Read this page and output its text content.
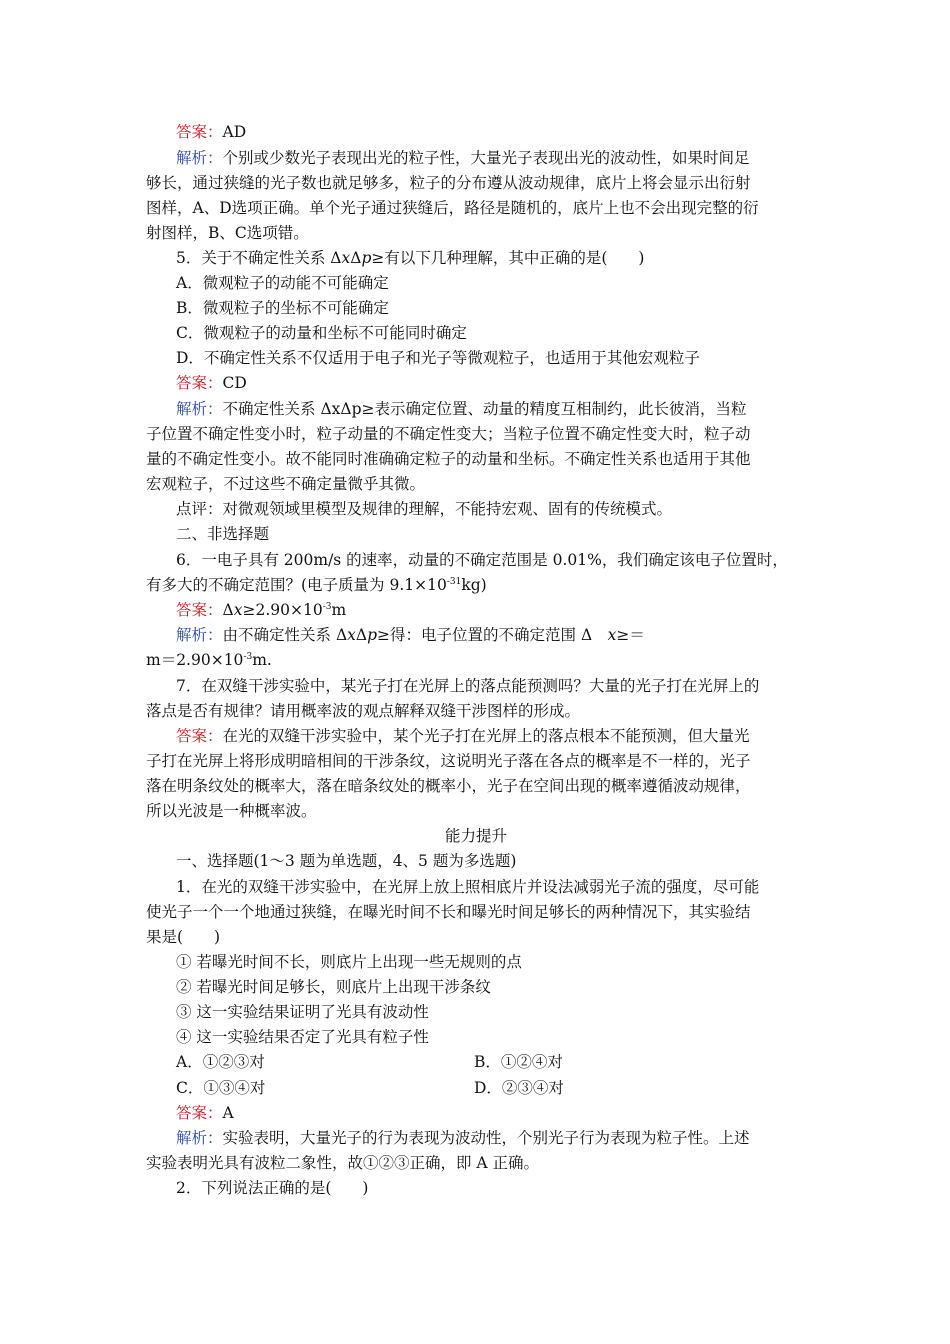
答案：AD
解析：个别或少数光子表现出光的粒子性，大量光子表现出光的波动性，如果时间足
够长，通过狭缝的光子数也就足够多，粒子的分布遵从波动规律，底片上将会显示出衍射
图样，A、D选项正确。单个光子通过狭缝后，路径是随机的，底片上也不会出现完整的衍
射图样，B、C选项错。
5．关于不确定性关系 ΔxΔp≥有以下几种理解，其中正确的是(　　)
A．微观粒子的动能不可能确定
B．微观粒子的坐标不可能确定
C．微观粒子的动量和坐标不可能同时确定
D．不确定性关系不仅适用于电子和光子等微观粒子，也适用于其他宏观粒子
答案：CD
解析：不确定性关系 ΔxΔp≥表示确定位置、动量的精度互相制约，此长彼消，当粒
子位置不确定性变小时，粒子动量的不确定性变大；当粒子位置不确定性变大时，粒子动
量的不确定性变小。故不能同时准确确定粒子的动量和坐标。不确定性关系也适用于其他
宏观粒子，不过这些不确定量微乎其微。
点评：对微观领域里模型及规律的理解，不能持宏观、固有的传统模式。
二、非选择题
6．一电子具有 200m/s 的速率，动量的不确定范围是 0.01%，我们确定该电子位置时，
有多大的不确定范围？(电子质量为 $9.1\times 10^{-31}kg$)
答案：$\Delta x\ge 2.90\times 10^{-3}m$
解析：由不确定性关系 ΔxΔp≥得：电子位置的不确定范围 Δ　x≥＝
$m=2.90\times 10^{-3}m$.
7．在双缝干涉实验中，某光子打在光屏上的落点能预测吗？大量的光子打在光屏上的
落点是否有规律？请用概率波的观点解释双缝干涉图样的形成。
答案：在光的双缝干涉实验中，某个光子打在光屏上的落点根本不能预测，但大量光
子打在光屏上将形成明暗相间的干涉条纹，这说明光子落在各点的概率是不一样的，光子
落在明条纹处的概率大，落在暗条纹处的概率小，光子在空间出现的概率遵循波动规律，
所以光波是一种概率波。
能力提升
一、选择题(1～3 题为单选题，4、5 题为多选题)
1．在光的双缝干涉实验中，在光屏上放上照相底片并设法减弱光子流的强度，尽可能
使光子一个一个地通过狭缝，在曝光时间不长和曝光时间足够长的两种情况下，其实验结
果是(　　)
① 若曝光时间不长，则底片上出现一些无规则的点
② 若曝光时间足够长，则底片上出现干涉条纹
③ 这一实验结果证明了光具有波动性
④ 这一实验结果否定了光具有粒子性
A．①②③对	B．①②④对
C．①③④对	D．②③④对
答案：A
解析：实验表明，大量光子的行为表现为波动性，个别光子行为表现为粒子性。上述
实验表明光具有波粒二象性，故①②③正确，即 A 正确。
2．下列说法正确的是(　　)
